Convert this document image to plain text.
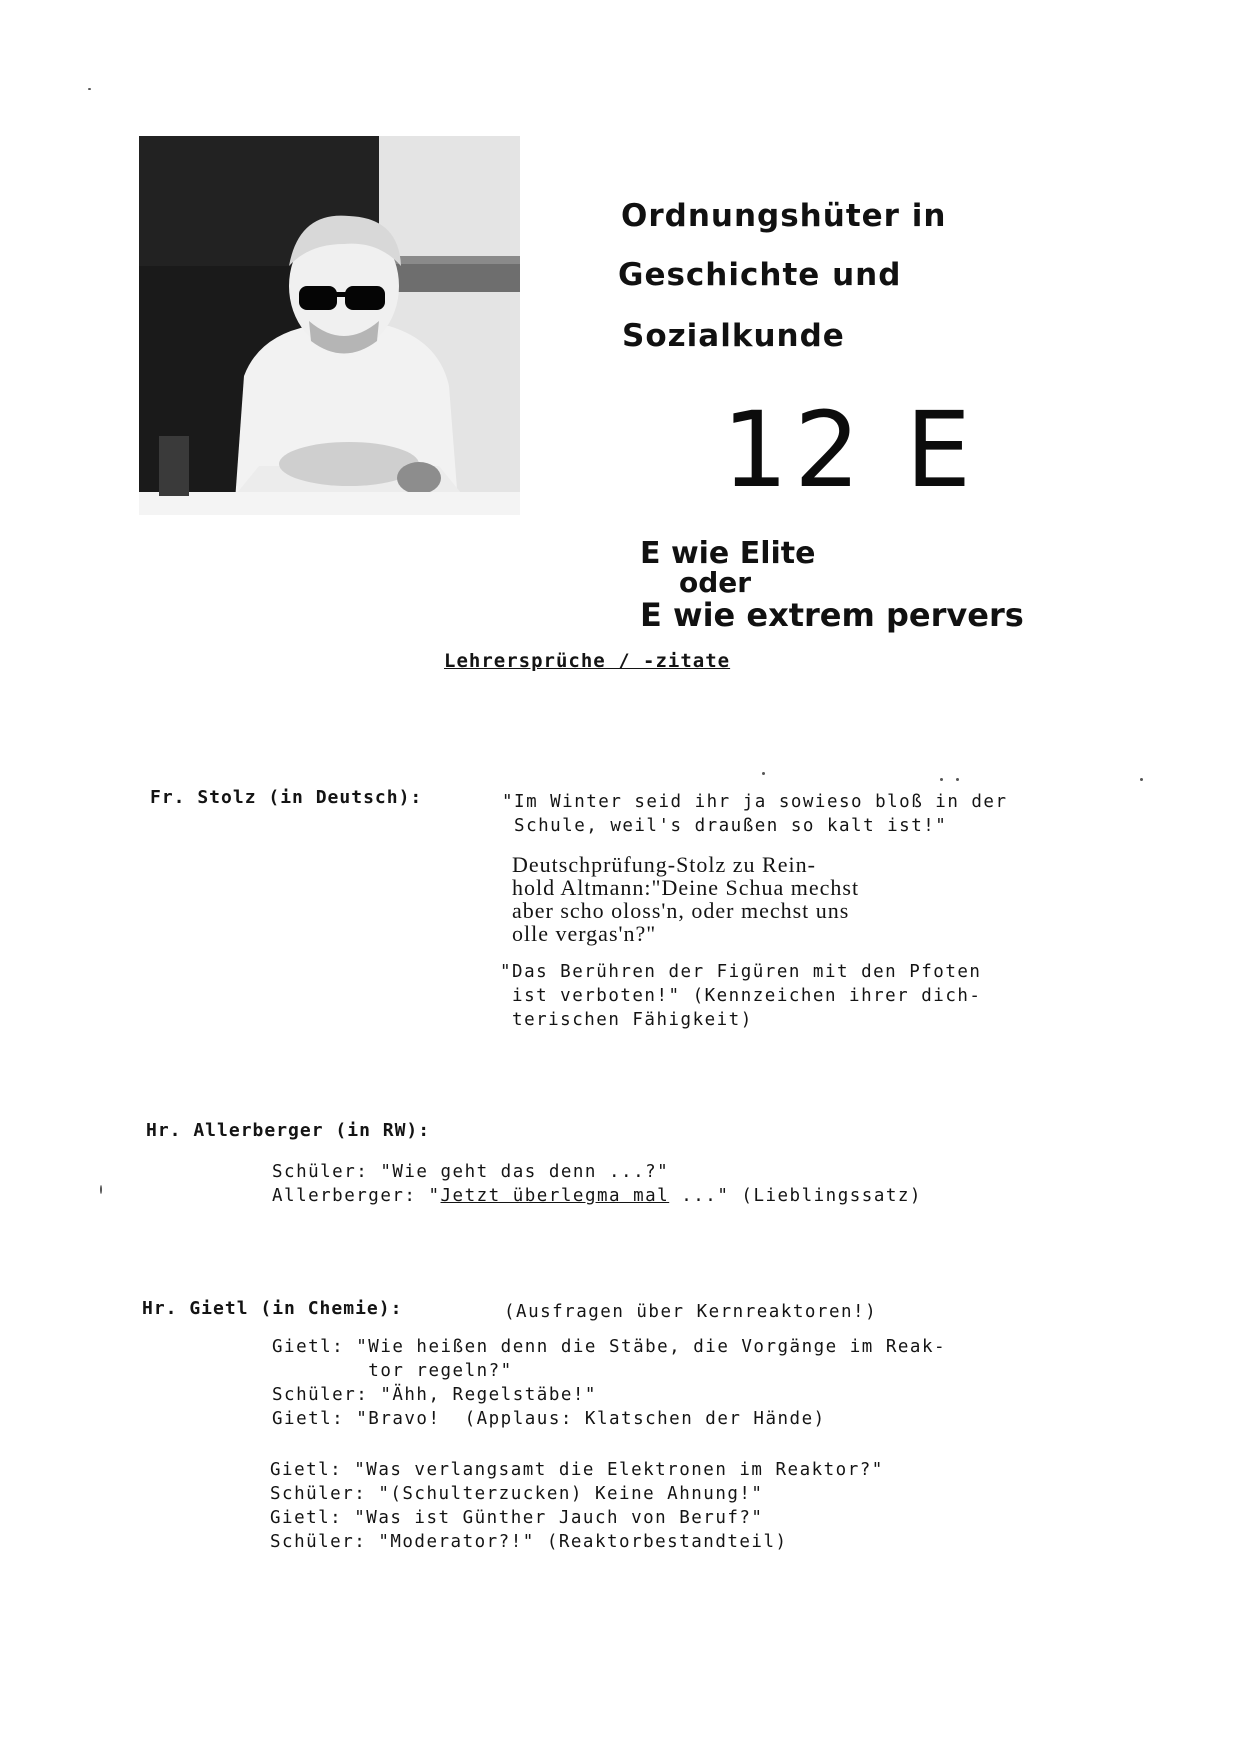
Ordnungshüter in
Geschichte und
Sozialkunde
12 E
E wie Elite
oder
E wie extrem pervers
Lehrersprüche / -zitate
Fr. Stolz (in Deutsch):	"Im Winter seid ihr ja sowieso bloß in der
Schule, weil's draußen so kalt ist!"
Deutschprüfung-Stolz zu Rein-
hold Altmann:"Deine Schua mechst
aber scho oloss'n, oder mechst uns
olle vergas'n?"
"Das Berühren der Figüren mit den Pfoten
ist verboten!" (Kennzeichen ihrer dich-
terischen Fähigkeit)
Hr. Allerberger (in RW):
Schüler: "Wie geht das denn ...?"
Allerberger: "Jetzt überlegma mal ..." (Lieblingssatz)
Hr. Gietl (in Chemie):	(Ausfragen über Kernreaktoren!)
Gietl: "Wie heißen denn die Stäbe, die Vorgänge im Reak-
tor regeln?"
Schüler: "Ähh, Regelstäbe!"
Gietl: "Bravo!  (Applaus: Klatschen der Hände)
Gietl: "Was verlangsamt die Elektronen im Reaktor?"
Schüler: "(Schulterzucken) Keine Ahnung!"
Gietl: "Was ist Günther Jauch von Beruf?"
Schüler: "Moderator?!" (Reaktorbestandteil)
